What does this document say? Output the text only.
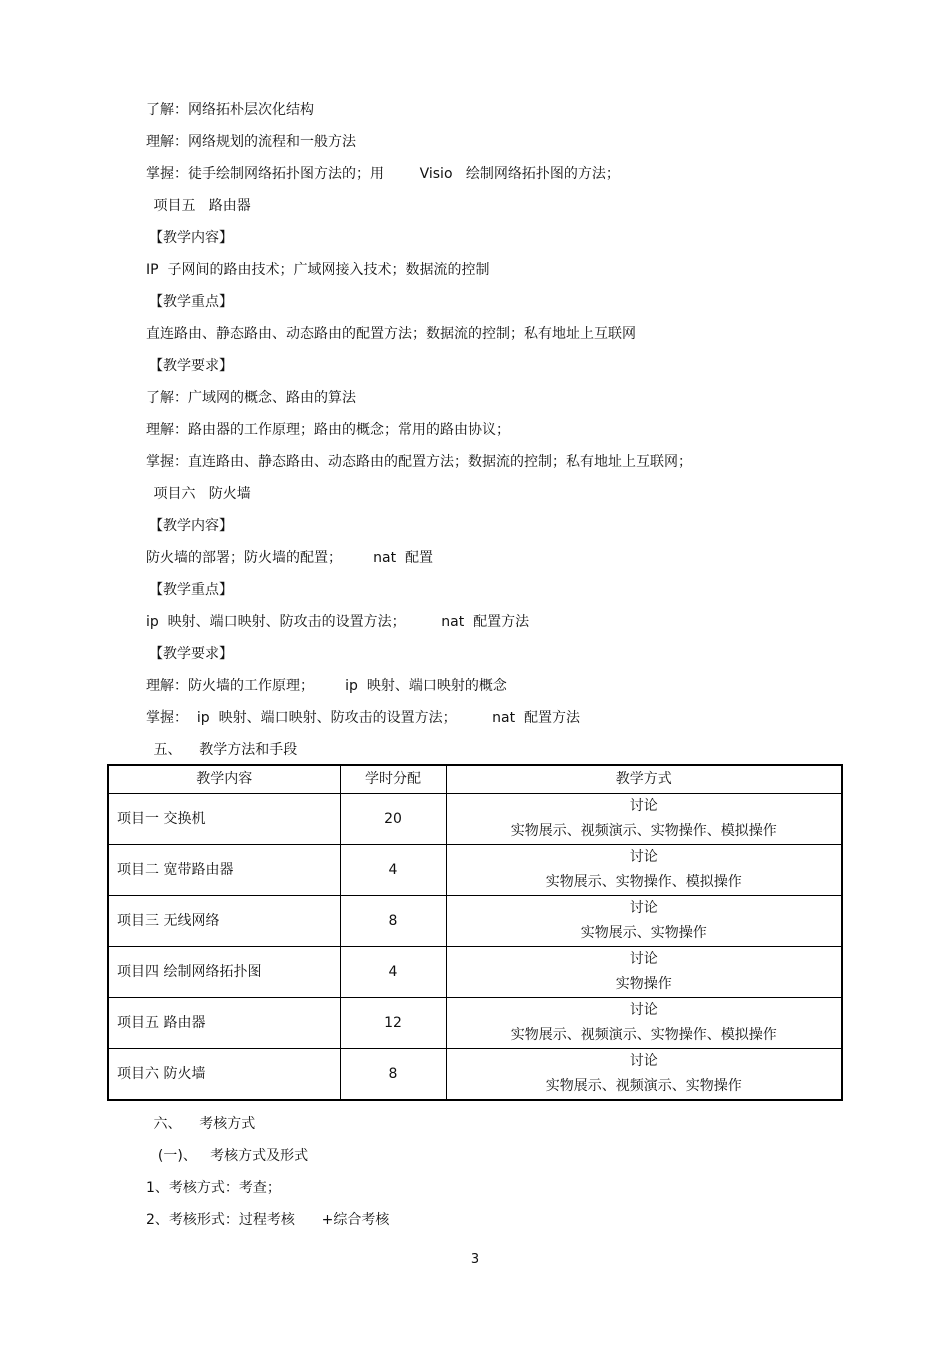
了解：网络拓朴层次化结构
理解：网络规划的流程和一般方法
掌握：徒手绘制网络拓扑图方法的；用        Visio   绘制网络拓扑图的方法；
项目五   路由器
【教学内容】
IP  子网间的路由技术；广域网接入技术；数据流的控制
【教学重点】
直连路由、静态路由、动态路由的配置方法；数据流的控制；私有地址上互联网
【教学要求】
了解：广域网的概念、路由的算法
理解：路由器的工作原理；路由的概念；常用的路由协议；
掌握：直连路由、静态路由、动态路由的配置方法；数据流的控制；私有地址上互联网；
项目六   防火墙
【教学内容】
防火墙的部署；防火墙的配置；       nat  配置
【教学重点】
ip  映射、端口映射、防攻击的设置方法；        nat  配置方法
【教学要求】
理解：防火墙的工作原理；       ip  映射、端口映射的概念
掌握：  ip  映射、端口映射、防攻击的设置方法；        nat  配置方法
五、    教学方法和手段
教学内容	学时分配	教学方式
项目一 交换机	20	讨论
实物展示、视频演示、实物操作、模拟操作

项目二 宽带路由器	4	讨论
实物展示、实物操作、模拟操作

项目三 无线网络	8	讨论
实物展示、实物操作

项目四 绘制网络拓扑图	4	讨论
实物操作

项目五 路由器	12	讨论
实物展示、视频演示、实物操作、模拟操作

项目六 防火墙	8	讨论
实物展示、视频演示、实物操作
六、    考核方式
(一)、   考核方式及形式
1、考核方式：考查；
2、考核形式：过程考核      +综合考核
3
